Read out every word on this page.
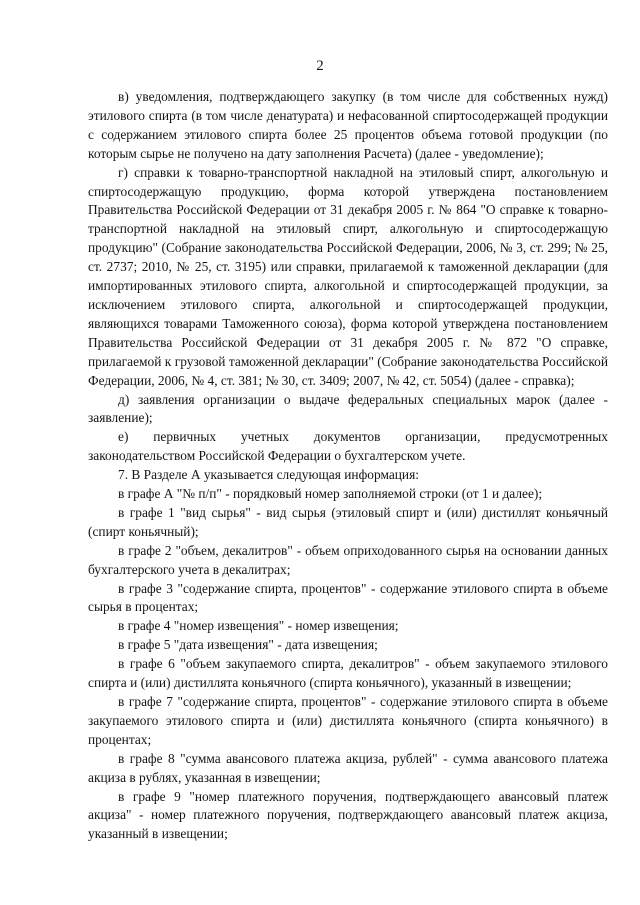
2

в) уведомления, подтверждающего закупку (в том числе для собственных нужд) этилового спирта (в том числе денатурата) и нефасованной спиртосодержащей продукции с содержанием этилового спирта более 25 процентов объема готовой продукции (по которым сырье не получено на дату заполнения Расчета) (далее - уведомление);

г) справки к товарно-транспортной накладной на этиловый спирт, алкогольную и спиртосодержащую продукцию, форма которой утверждена постановлением Правительства Российской Федерации от 31 декабря 2005 г. № 864 "О справке к товарно-транспортной накладной на этиловый спирт, алкогольную и спиртосодержащую продукцию" (Собрание законодательства Российской Федерации, 2006, № 3, ст. 299; № 25, ст. 2737; 2010, № 25, ст. 3195) или справки, прилагаемой к таможенной декларации (для импортированных этилового спирта, алкогольной и спиртосодержащей продукции, за исключением этилового спирта, алкогольной и спиртосодержащей продукции, являющихся товарами Таможенного союза), форма которой утверждена постановлением Правительства Российской Федерации от 31 декабря 2005 г. № 872 "О справке, прилагаемой к грузовой таможенной декларации" (Собрание законодательства Российской Федерации, 2006, № 4, ст. 381; № 30, ст. 3409; 2007, № 42, ст. 5054) (далее - справка);

д) заявления организации о выдаче федеральных специальных марок (далее - заявление);

е) первичных учетных документов организации, предусмотренных законодательством Российской Федерации о бухгалтерском учете.

7. В Разделе А указывается следующая информация:

в графе А "№ п/п" - порядковый номер заполняемой строки (от 1 и далее);

в графе 1 "вид сырья" - вид сырья (этиловый спирт и (или) дистиллят коньячный (спирт коньячный);

в графе 2 "объем, декалитров" - объем оприходованного сырья на основании данных бухгалтерского учета в декалитрах;

в графе 3 "содержание спирта, процентов" - содержание этилового спирта в объеме сырья в процентах;

в графе 4 "номер извещения" - номер извещения;

в графе 5 "дата извещения" - дата извещения;

в графе 6 "объем закупаемого спирта, декалитров" - объем закупаемого этилового спирта и (или) дистиллята коньячного (спирта коньячного), указанный в извещении;

в графе 7 "содержание спирта, процентов" - содержание этилового спирта в объеме закупаемого этилового спирта и (или) дистиллята коньячного (спирта коньячного) в процентах;

в графе 8 "сумма авансового платежа акциза, рублей" - сумма авансового платежа акциза в рублях, указанная в извещении;

в графе 9 "номер платежного поручения, подтверждающего авансовый платеж акциза" - номер платежного поручения, подтверждающего авансовый платеж акциза, указанный в извещении;
